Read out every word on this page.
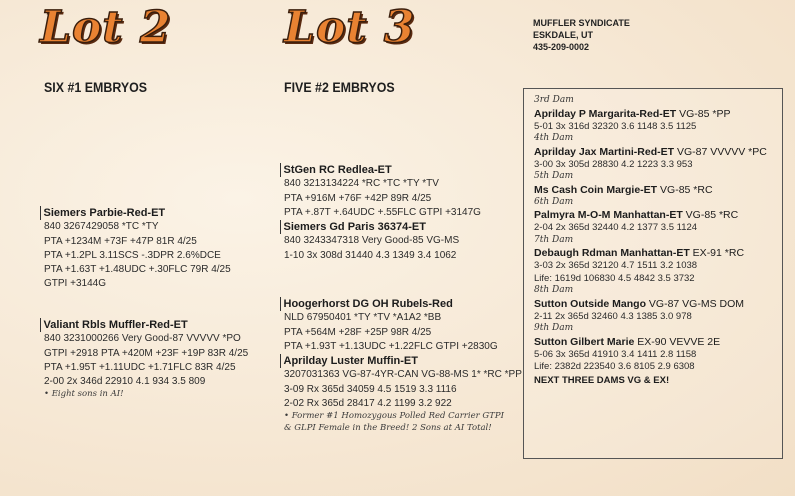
Lot 2	Lot 3
SIX #1 EMBRYOS	FIVE #2 EMBRYOS
MUFFLER SYNDICATE
ESKDALE, UT
435-209-0002
Siemers Parbie-Red-ET
840 3267429058 *TC *TY
PTA +1234M +73F +47P 81R 4/25
PTA +1.2PL 3.11SCS -.3DPR 2.6%DCE
PTA +1.63T +1.48UDC +.30FLC 79R 4/25
GTPI +3144G
Valiant Rbls Muffler-Red-ET
840 3231000266 Very Good-87 VVVVV *PO
GTPI +2918 PTA +420M +23F +19P 83R 4/25
PTA +1.95T +1.11UDC +1.71FLC 83R 4/25
2-00 2x 346d 22910 4.1 934 3.5 809
• Eight sons in AI!
StGen RC Redlea-ET
840 3213134224 *RC *TC *TY *TV
PTA +916M +76F +42P 89R 4/25
PTA +.87T +.64UDC +.55FLC GTPI +3147G
Siemers Gd Paris 36374-ET
840 3243347318 Very Good-85 VG-MS
1-10 3x 308d 31440 4.3 1349 3.4 1062
Hoogerhorst DG OH Rubels-Red
NLD 67950401 *TY *TV *A1A2 *BB
PTA +564M +28F +25P 98R 4/25
PTA +1.93T +1.13UDC +1.22FLC GTPI +2830G
Aprilday Luster Muffin-ET
3207031363 VG-87-4YR-CAN VG-88-MS 1* *RC *PP
3-09 Rx 365d 34059 4.5 1519 3.3 1116
2-02 Rx 365d 28417 4.2 1199 3.2 922
• Former #1 Homozygous Polled Red Carrier GTPI & GLPI Female in the Breed! 2 Sons at AI Total!
3rd Dam
Aprilday P Margarita-Red-ET VG-85 *PP
5-01 3x 316d 32320 3.6 1148 3.5 1125
4th Dam
Aprilday Jax Martini-Red-ET VG-87 VVVVV *PC
3-00 3x 305d 28830 4.2 1223 3.3 953
5th Dam
Ms Cash Coin Margie-ET VG-85 *RC
6th Dam
Palmyra M-O-M Manhattan-ET VG-85 *RC
2-04 2x 365d 32440 4.2 1377 3.5 1124
7th Dam
Debaugh Rdman Manhattan-ET EX-91 *RC
3-03 2x 365d 32120 4.7 1511 3.2 1038
Life: 1619d 106830 4.5 4842 3.5 3732
8th Dam
Sutton Outside Mango VG-87 VG-MS DOM
2-11 2x 365d 32460 4.3 1385 3.0 978
9th Dam
Sutton Gilbert Marie EX-90 VEVVE 2E
5-06 3x 365d 41910 3.4 1411 2.8 1158
Life: 2382d 223540 3.6 8105 2.9 6308
NEXT THREE DAMS VG & EX!
